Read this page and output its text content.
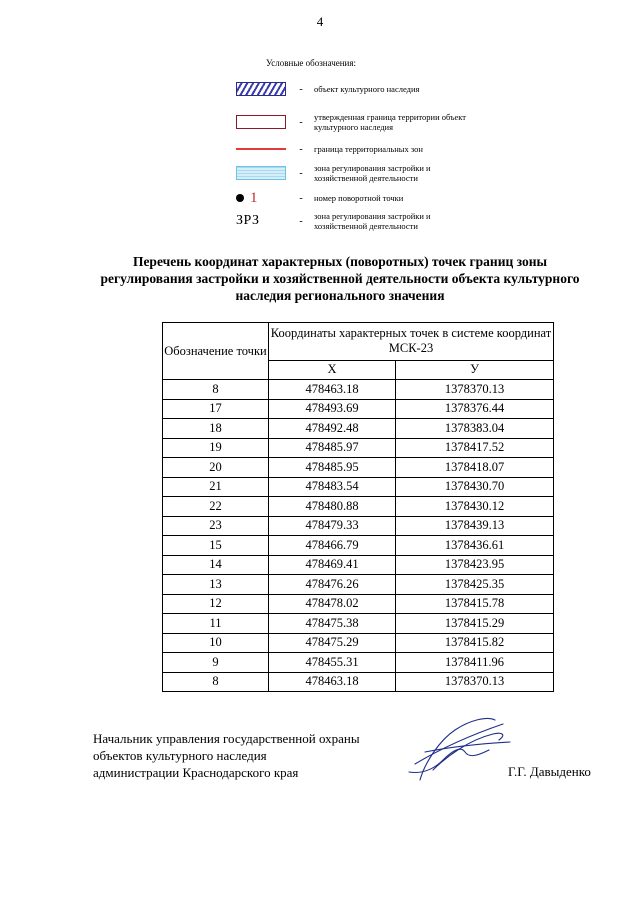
4
Условные обозначения:
-	объект культурного наследия
-	утвержденная граница территории объект культурного наследия
-	граница территориальных зон
-	зона регулирования застройки и хозяйственной деятельности
1	-	номер поворотной точки
ЗРЗ	-	зона регулирования застройки и хозяйственной деятельности
Перечень координат характерных (поворотных) точек границ зоны регулирования застройки и хозяйственной деятельности объекта культурного наследия регионального значения
Обозначение точки	Координаты характерных точек в системе координат МСК-23	
	X	У
8	478463.18	1378370.13
17	478493.69	1378376.44
18	478492.48	1378383.04
19	478485.97	1378417.52
20	478485.95	1378418.07
21	478483.54	1378430.70
22	478480.88	1378430.12
23	478479.33	1378439.13
15	478466.79	1378436.61
14	478469.41	1378423.95
13	478476.26	1378425.35
12	478478.02	1378415.78
11	478475.38	1378415.29
10	478475.29	1378415.82
9	478455.31	1378411.96
8	478463.18	1378370.13
Начальник управления государственной охраны
объектов культурного наследия
администрации Краснодарского края	Г.Г. Давыденко
